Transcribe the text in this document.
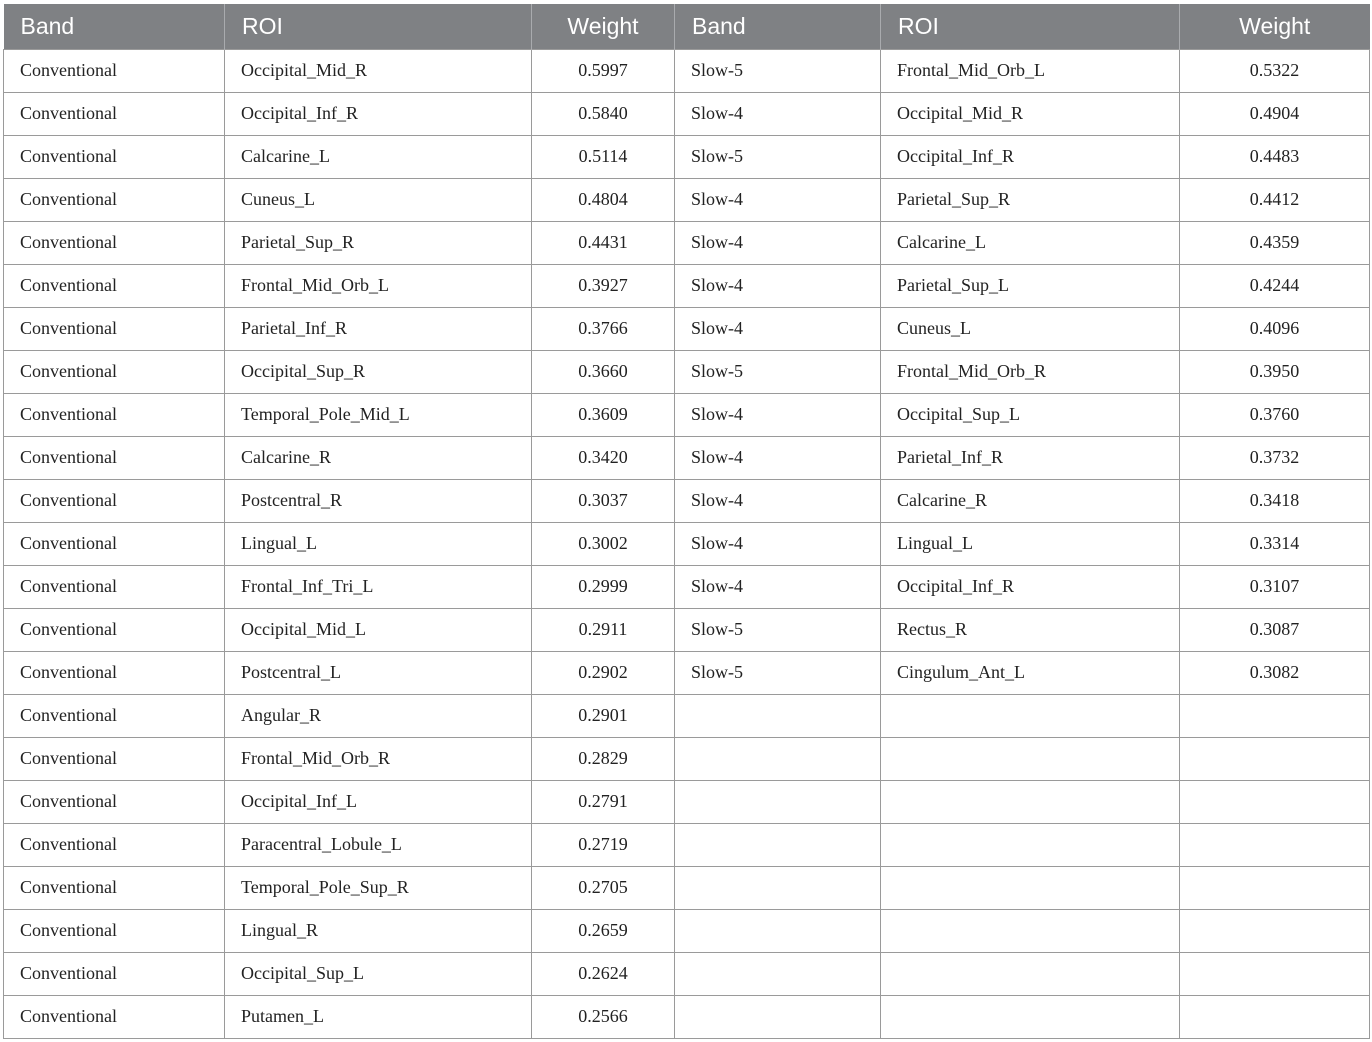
Band	ROI	Weight	Band	ROI	Weight
Conventional	Occipital_Mid_R	0.5997	Slow-5	Frontal_Mid_Orb_L	0.5322
Conventional	Occipital_Inf_R	0.5840	Slow-4	Occipital_Mid_R	0.4904
Conventional	Calcarine_L	0.5114	Slow-5	Occipital_Inf_R	0.4483
Conventional	Cuneus_L	0.4804	Slow-4	Parietal_Sup_R	0.4412
Conventional	Parietal_Sup_R	0.4431	Slow-4	Calcarine_L	0.4359
Conventional	Frontal_Mid_Orb_L	0.3927	Slow-4	Parietal_Sup_L	0.4244
Conventional	Parietal_Inf_R	0.3766	Slow-4	Cuneus_L	0.4096
Conventional	Occipital_Sup_R	0.3660	Slow-5	Frontal_Mid_Orb_R	0.3950
Conventional	Temporal_Pole_Mid_L	0.3609	Slow-4	Occipital_Sup_L	0.3760
Conventional	Calcarine_R	0.3420	Slow-4	Parietal_Inf_R	0.3732
Conventional	Postcentral_R	0.3037	Slow-4	Calcarine_R	0.3418
Conventional	Lingual_L	0.3002	Slow-4	Lingual_L	0.3314
Conventional	Frontal_Inf_Tri_L	0.2999	Slow-4	Occipital_Inf_R	0.3107
Conventional	Occipital_Mid_L	0.2911	Slow-5	Rectus_R	0.3087
Conventional	Postcentral_L	0.2902	Slow-5	Cingulum_Ant_L	0.3082
Conventional	Angular_R	0.2901			
Conventional	Frontal_Mid_Orb_R	0.2829			
Conventional	Occipital_Inf_L	0.2791			
Conventional	Paracentral_Lobule_L	0.2719			
Conventional	Temporal_Pole_Sup_R	0.2705			
Conventional	Lingual_R	0.2659			
Conventional	Occipital_Sup_L	0.2624			
Conventional	Putamen_L	0.2566			
